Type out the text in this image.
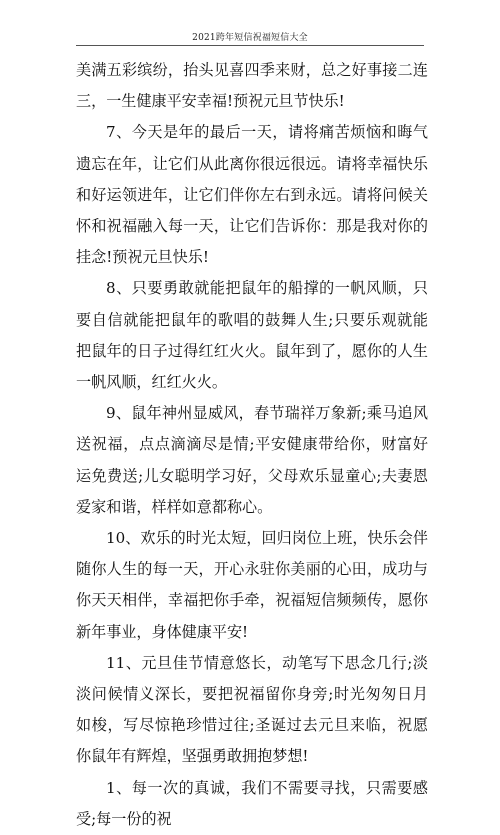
2021跨年短信祝福短信大全

美满五彩缤纷，抬头见喜四季来财，总之好事接二连三，一生健康平安幸福!预祝元旦节快乐!

7、今天是年的最后一天，请将痛苦烦恼和晦气遗忘在年，让它们从此离你很远很远。请将幸福快乐和好运领进年，让它们伴你左右到永远。请将问候关怀和祝福融入每一天，让它们告诉你：那是我对你的挂念!预祝元旦快乐!

8、只要勇敢就能把鼠年的船撑的一帆风顺，只要自信就能把鼠年的歌唱的鼓舞人生;只要乐观就能把鼠年的日子过得红红火火。鼠年到了，愿你的人生一帆风顺，红红火火。

9、鼠年神州显威风，春节瑞祥万象新;乘马追风送祝福，点点滴滴尽是情;平安健康带给你，财富好运免费送;儿女聪明学习好，父母欢乐显童心;夫妻恩爱家和谐，样样如意都称心。

10、欢乐的时光太短，回归岗位上班，快乐会伴随你人生的每一天，开心永驻你美丽的心田，成功与你天天相伴，幸福把你手牵，祝福短信频频传，愿你新年事业，身体健康平安!

11、元旦佳节情意悠长，动笔写下思念几行;淡淡问候情义深长，要把祝福留你身旁;时光匆匆日月如梭，写尽惊艳珍惜过往;圣诞过去元旦来临，祝愿你鼠年有辉煌，坚强勇敢拥抱梦想!

1、每一次的真诚，我们不需要寻找，只需要感受;每一份的祝
